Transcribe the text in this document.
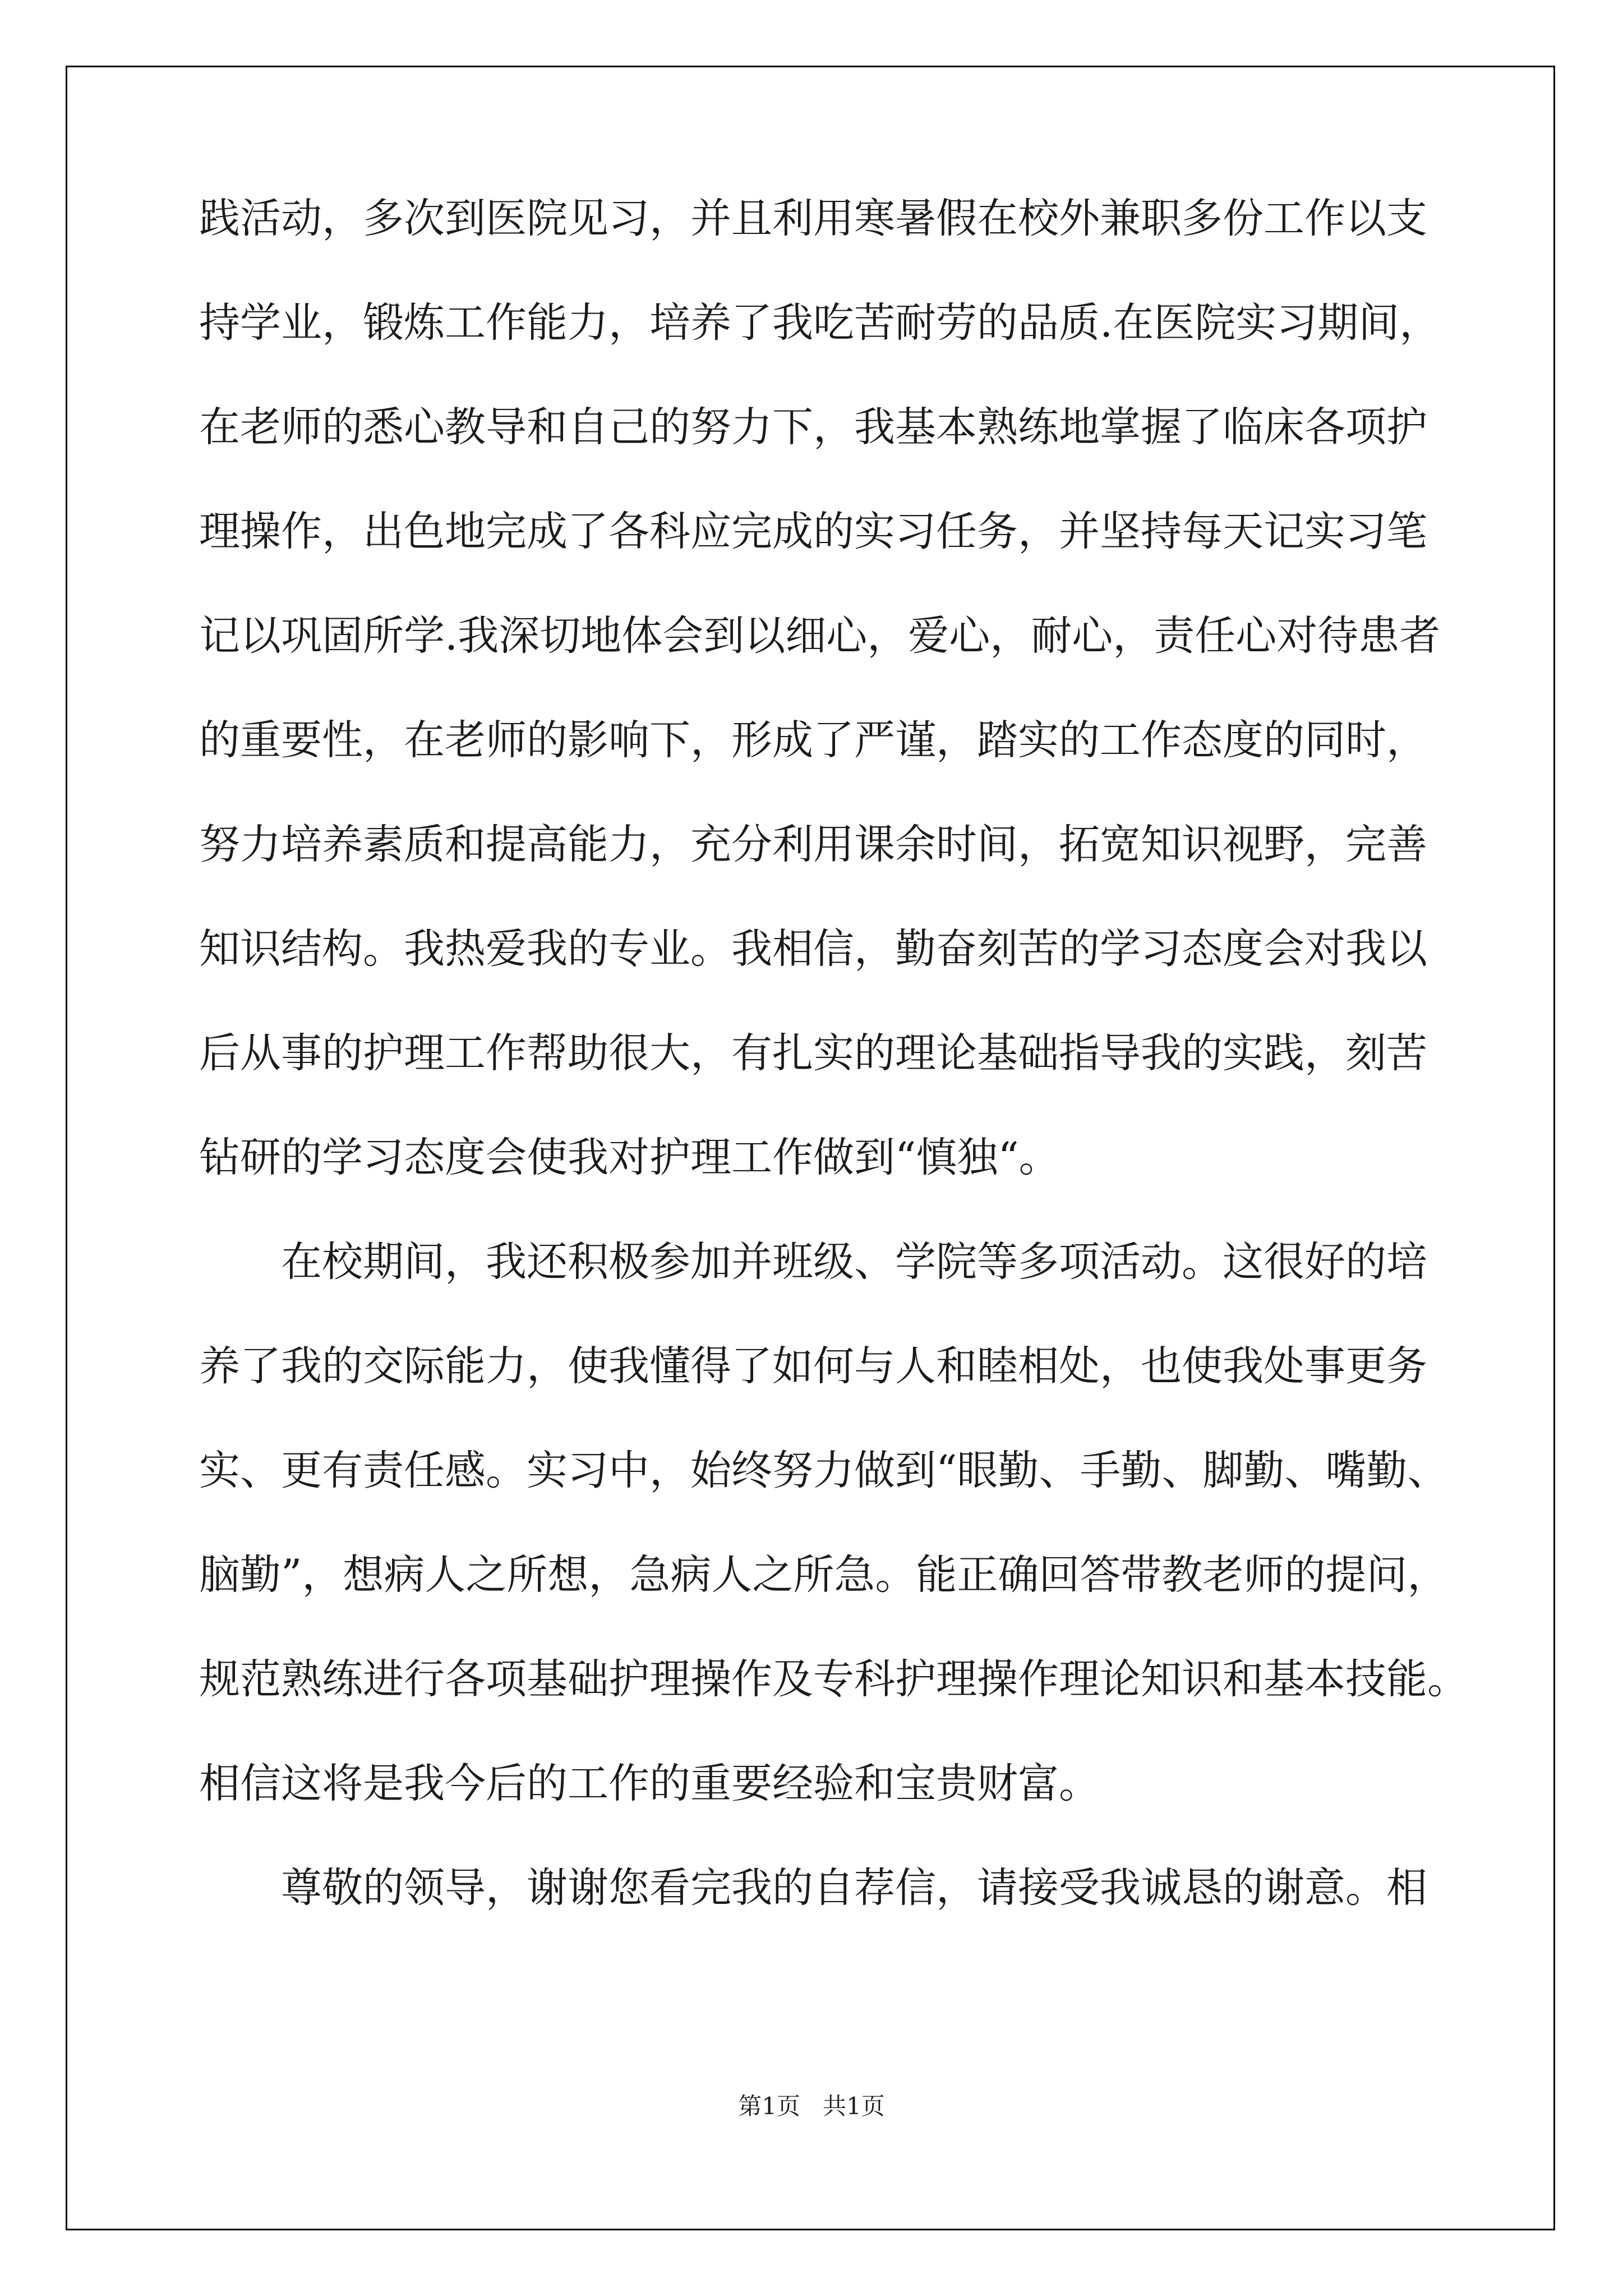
践活动，多次到医院见习，并且利用寒暑假在校外兼职多份工作以支
持学业，锻炼工作能力，培养了我吃苦耐劳的品质.在医院实习期间，
在老师的悉心教导和自己的努力下，我基本熟练地掌握了临床各项护
理操作，出色地完成了各科应完成的实习任务，并坚持每天记实习笔
记以巩固所学.我深切地体会到以细心，爱心，耐心，责任心对待患者
的重要性，在老师的影响下，形成了严谨，踏实的工作态度的同时，
努力培养素质和提高能力，充分利用课余时间，拓宽知识视野，完善
知识结构。我热爱我的专业。我相信，勤奋刻苦的学习态度会对我以
后从事的护理工作帮助很大，有扎实的理论基础指导我的实践，刻苦
钻研的学习态度会使我对护理工作做到“慎独“。
在校期间，我还积极参加并班级、学院等多项活动。这很好的培
养了我的交际能力，使我懂得了如何与人和睦相处，也使我处事更务
实、更有责任感。实习中，始终努力做到“眼勤、手勤、脚勤、嘴勤、
脑勤”，想病人之所想，急病人之所急。能正确回答带教老师的提问，
规范熟练进行各项基础护理操作及专科护理操作理论知识和基本技能。
相信这将是我今后的工作的重要经验和宝贵财富。
尊敬的领导，谢谢您看完我的自荐信，请接受我诚恳的谢意。相
第1页   共1页
